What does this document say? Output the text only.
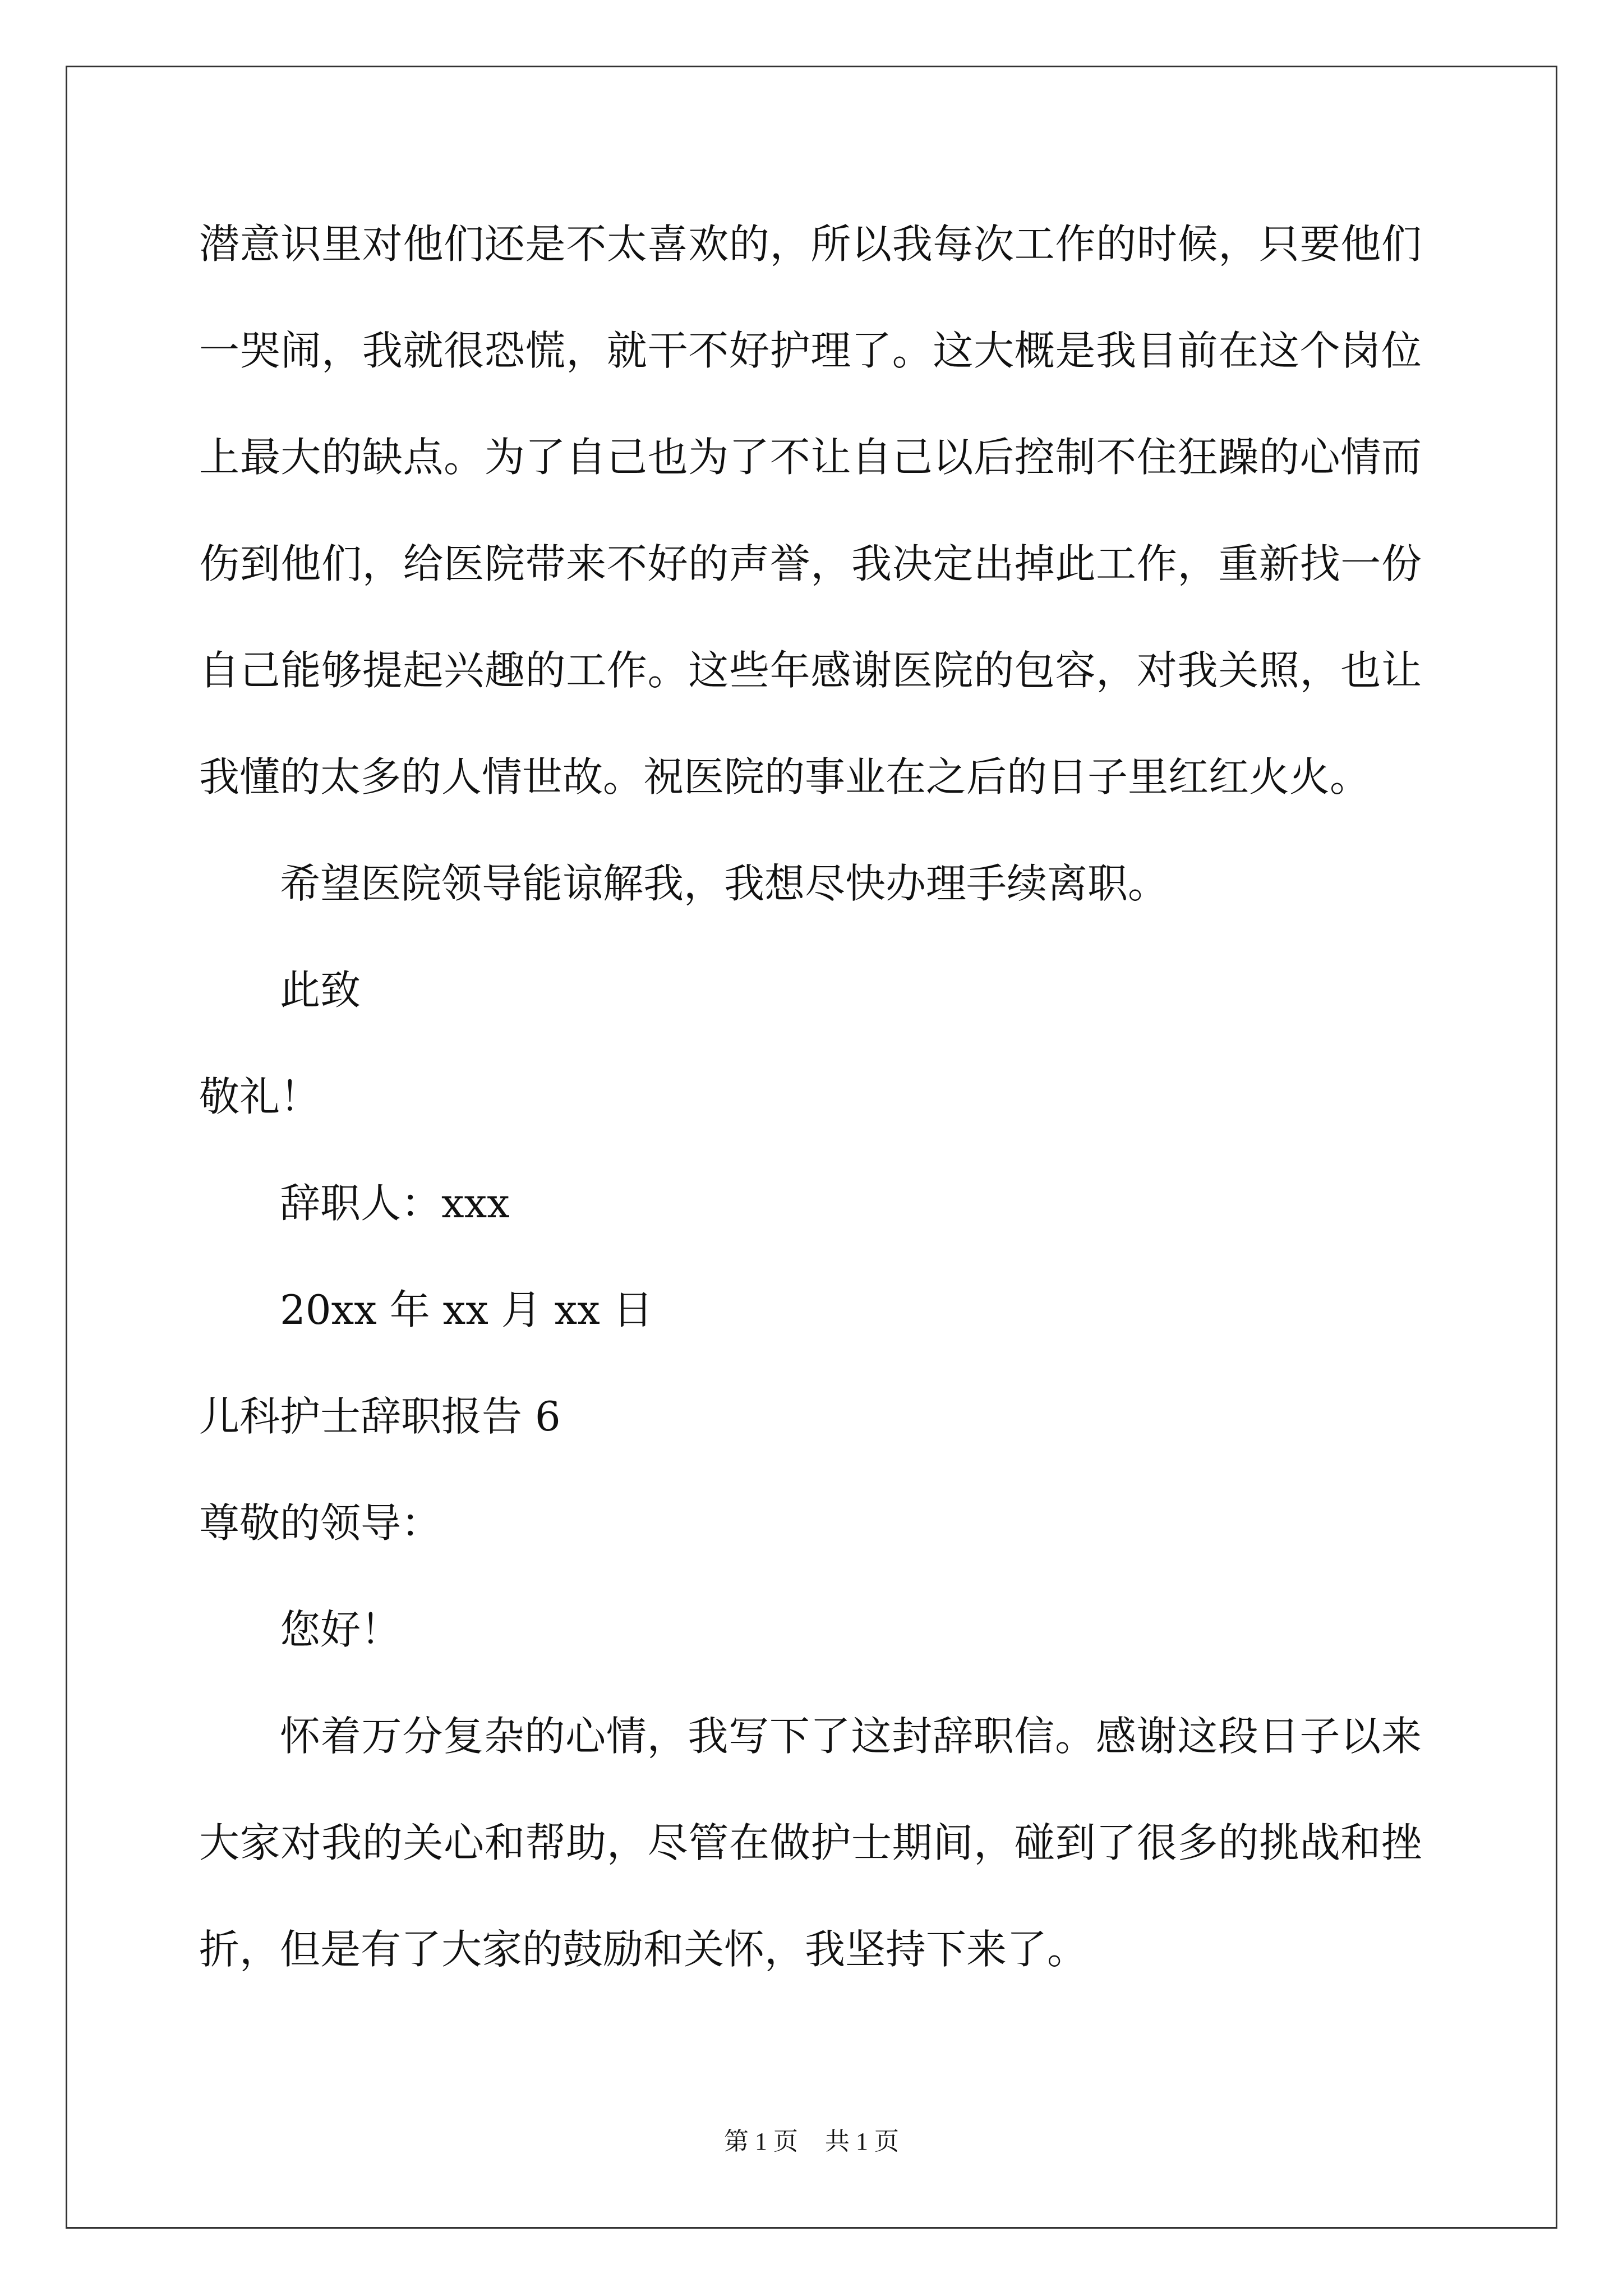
潜意识里对他们还是不太喜欢的，所以我每次工作的时候，只要他们
一哭闹，我就很恐慌，就干不好护理了。这大概是我目前在这个岗位
上最大的缺点。为了自己也为了不让自己以后控制不住狂躁的心情而
伤到他们，给医院带来不好的声誉，我决定出掉此工作，重新找一份
自己能够提起兴趣的工作。这些年感谢医院的包容，对我关照，也让
我懂的太多的人情世故。祝医院的事业在之后的日子里红红火火。
希望医院领导能谅解我，我想尽快办理手续离职。
此致
敬礼！
辞职人：xxx
20xx 年 xx 月 xx 日
儿科护士辞职报告 6
尊敬的领导：
您好！
怀着万分复杂的心情，我写下了这封辞职信。感谢这段日子以来
大家对我的关心和帮助，尽管在做护士期间，碰到了很多的挑战和挫
折，但是有了大家的鼓励和关怀，我坚持下来了。
第 1 页 共 1 页
